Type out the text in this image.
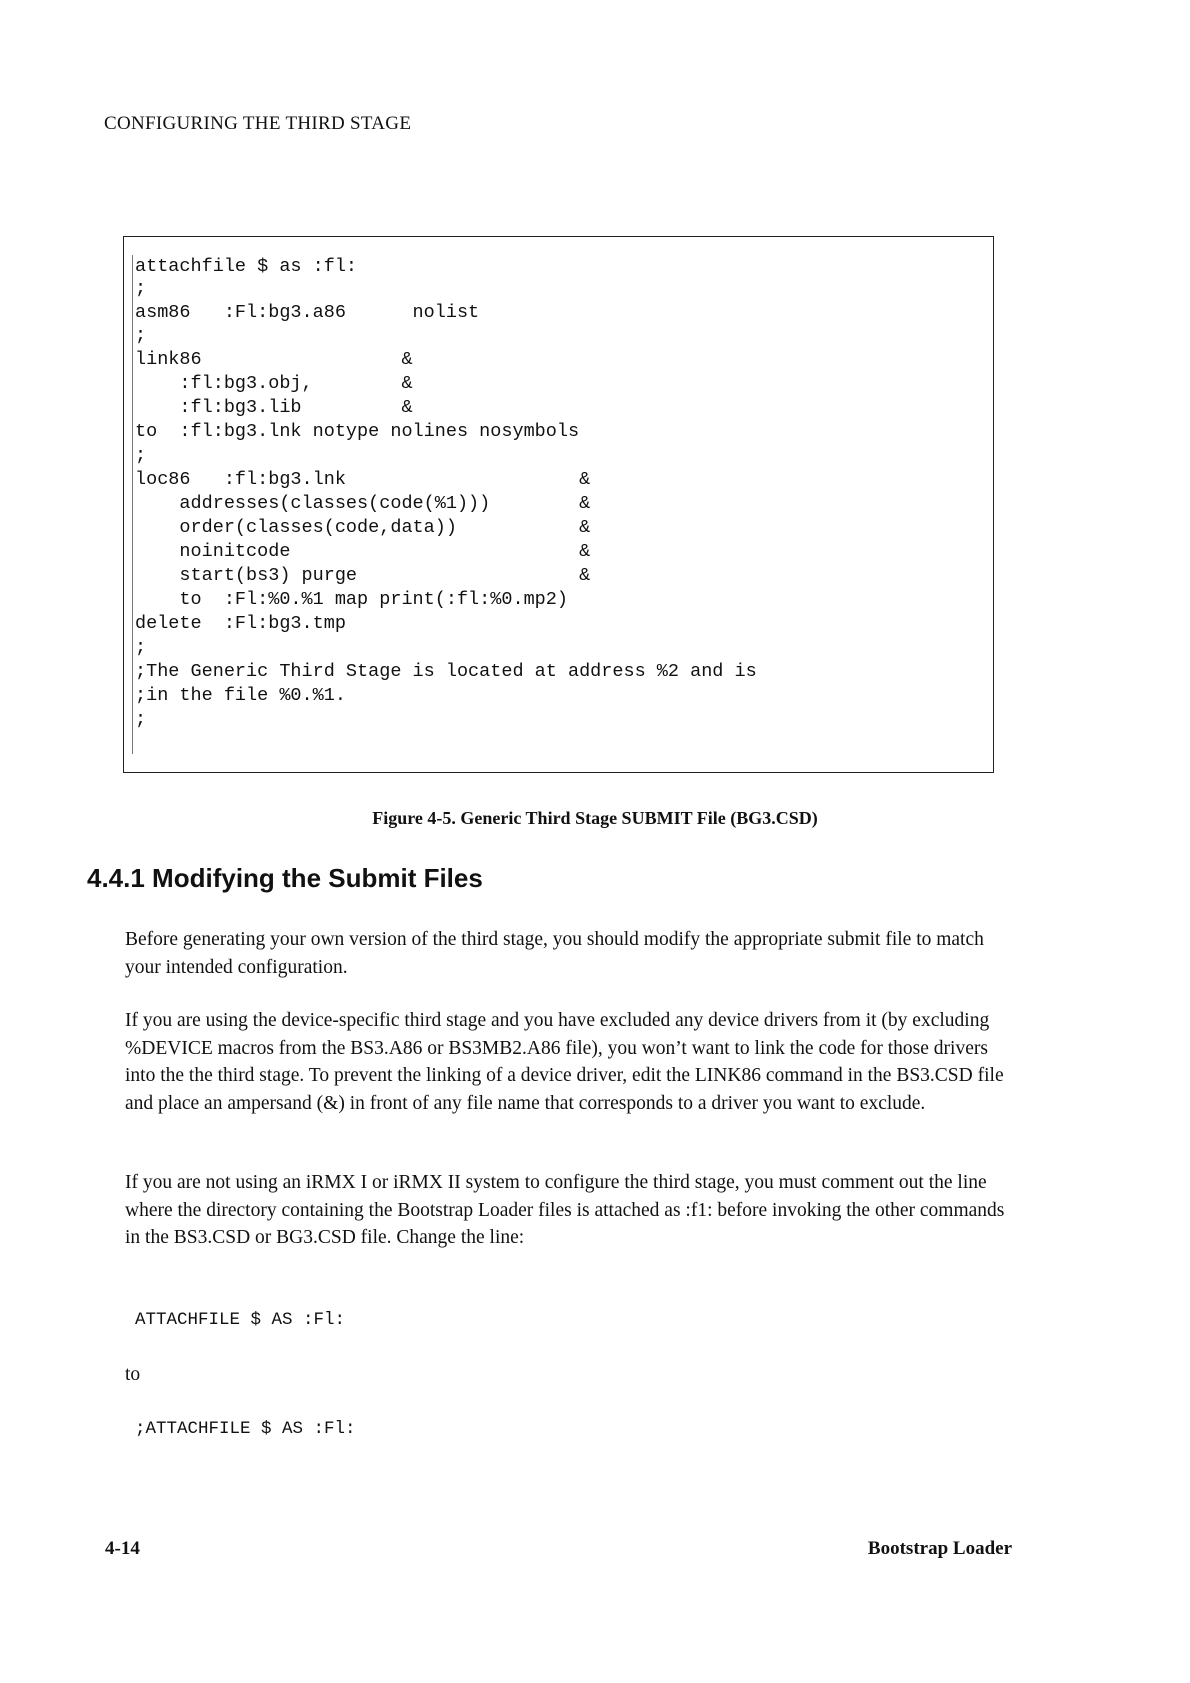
CONFIGURING THE THIRD STAGE
attachfile $ as :fl:
;
asm86   :Fl:bg3.a86      nolist
;
link86                  &
:fl:bg3.obj,        &
:fl:bg3.lib         &
to  :fl:bg3.lnk notype nolines nosymbols
;
loc86   :fl:bg3.lnk                     &
addresses(classes(code(%1)))        &
order(classes(code,data))           &
noinitcode                          &
start(bs3) purge                    &
to  :Fl:%0.%1 map print(:fl:%0.mp2)
delete  :Fl:bg3.tmp
;
;The Generic Third Stage is located at address %2 and is
;in the file %0.%1.
;
Figure 4-5. Generic Third Stage SUBMIT File (BG3.CSD)
4.4.1 Modifying the Submit Files

Before generating your own version of the third stage, you should modify the appropriate submit file to match your intended configuration.

If you are using the device-specific third stage and you have excluded any device drivers from it (by excluding %DEVICE macros from the BS3.A86 or BS3MB2.A86 file), you won’t want to link the code for those drivers into the the third stage. To prevent the linking of a device driver, edit the LINK86 command in the BS3.CSD file and place an ampersand (&) in front of any file name that corresponds to a driver you want to exclude.

If you are not using an iRMX I or iRMX II system to configure the third stage, you must comment out the line where the directory containing the Bootstrap Loader files is attached as :f1: before invoking the other commands in the BS3.CSD or BG3.CSD file. Change the line:

ATTACHFILE $ AS :Fl:

to

;ATTACHFILE $ AS :Fl:
4-14	Bootstrap Loader
